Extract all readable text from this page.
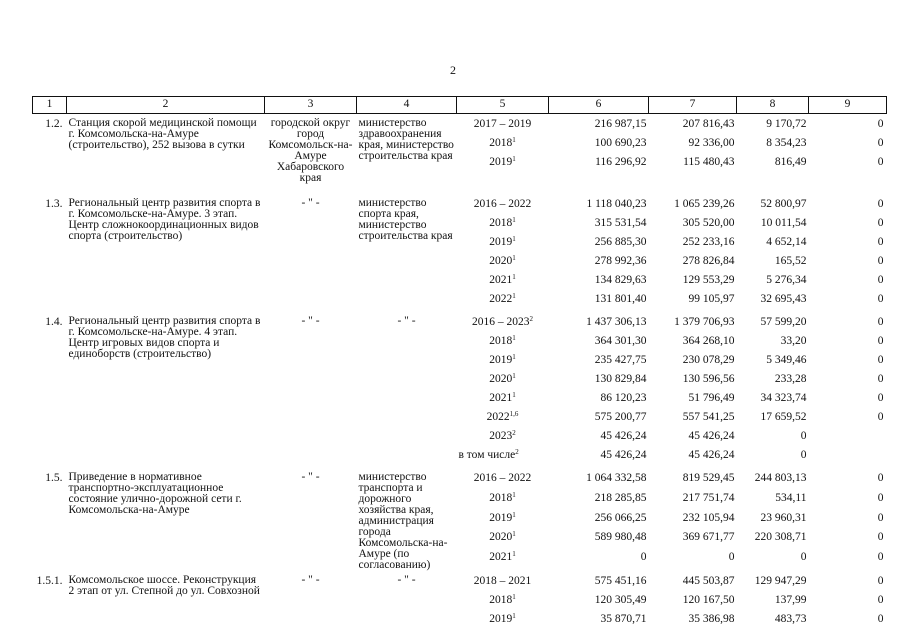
2
1	2	3	4	5	6	7	8	9
1.2.	Станция скорой медицинской помощи г. Комсомольска-на-Амуре (строительство), 252 вызова в сутки	городской округ город Комсомольск-на-Амуре Хабаровского края	министерство здравоохранения края, министерство строительства края	2017 – 2019	216 987,15	207 816,43	9 170,72	0
				2018$^1$	100 690,23	92 336,00	8 354,23	0
				2019$^1$	116 296,92	115 480,43	816,49	0

1.3.	Региональный центр развития спорта в г. Комсомольске-на-Амуре. 3 этап. Центр сложнокоординационных видов спорта (строительство)	- " -	министерство спорта края, министерство строительства края	2016 – 2022	1 118 040,23	1 065 239,26	52 800,97	0
				2018$^1$	315 531,54	305 520,00	10 011,54	0
				2019$^1$	256 885,30	252 233,16	4 652,14	0
				2020$^1$	278 992,36	278 826,84	165,52	0
				2021$^1$	134 829,63	129 553,29	5 276,34	0
				2022$^1$	131 801,40	99 105,97	32 695,43	0
1.4.	Региональный центр развития спорта в г. Комсомольске-на-Амуре. 4 этап. Центр игровых видов спорта и единоборств (строительство)	- " -	- " -	2016 – 2023$^2$	1 437 306,13	1 379 706,93	57 599,20	0
				2018$^1$	364 301,30	364 268,10	33,20	0
				2019$^1$	235 427,75	230 078,29	5 349,46	0
				2020$^1$	130 829,84	130 596,56	233,28	0
				2021$^1$	86 120,23	51 796,49	34 323,74	0
				2022$^{1,6}$	575 200,77	557 541,25	17 659,52	0
				2023$^2$	45 426,24	45 426,24	0	
				в том числе$^2$	45 426,24	45 426,24	0	
1.5.	Приведение в нормативное транспортно-эксплуатационное состояние улично-дорожной сети г. Комсомольска-на-Амуре	- " -	министерство транспорта и дорожного хозяйства края, администрация города Комсомольска-на-Амуре (по согласованию)	2016 – 2022	1 064 332,58	819 529,45	244 803,13	0
				2018$^1$	218 285,85	217 751,74	534,11	0
				2019$^1$	256 066,25	232 105,94	23 960,31	0
				2020$^1$	589 980,48	369 671,77	220 308,71	0
				2021$^1$	0	0	0	0
1.5.1.	Комсомольское шоссе. Реконструкция 2 этап от ул. Степной до ул. Совхозной	- " -	- " -	2018 – 2021	575 451,16	445 503,87	129 947,29	0
				2018$^1$	120 305,49	120 167,50	137,99	0
				2019$^1$	35 870,71	35 386,98	483,73	0
